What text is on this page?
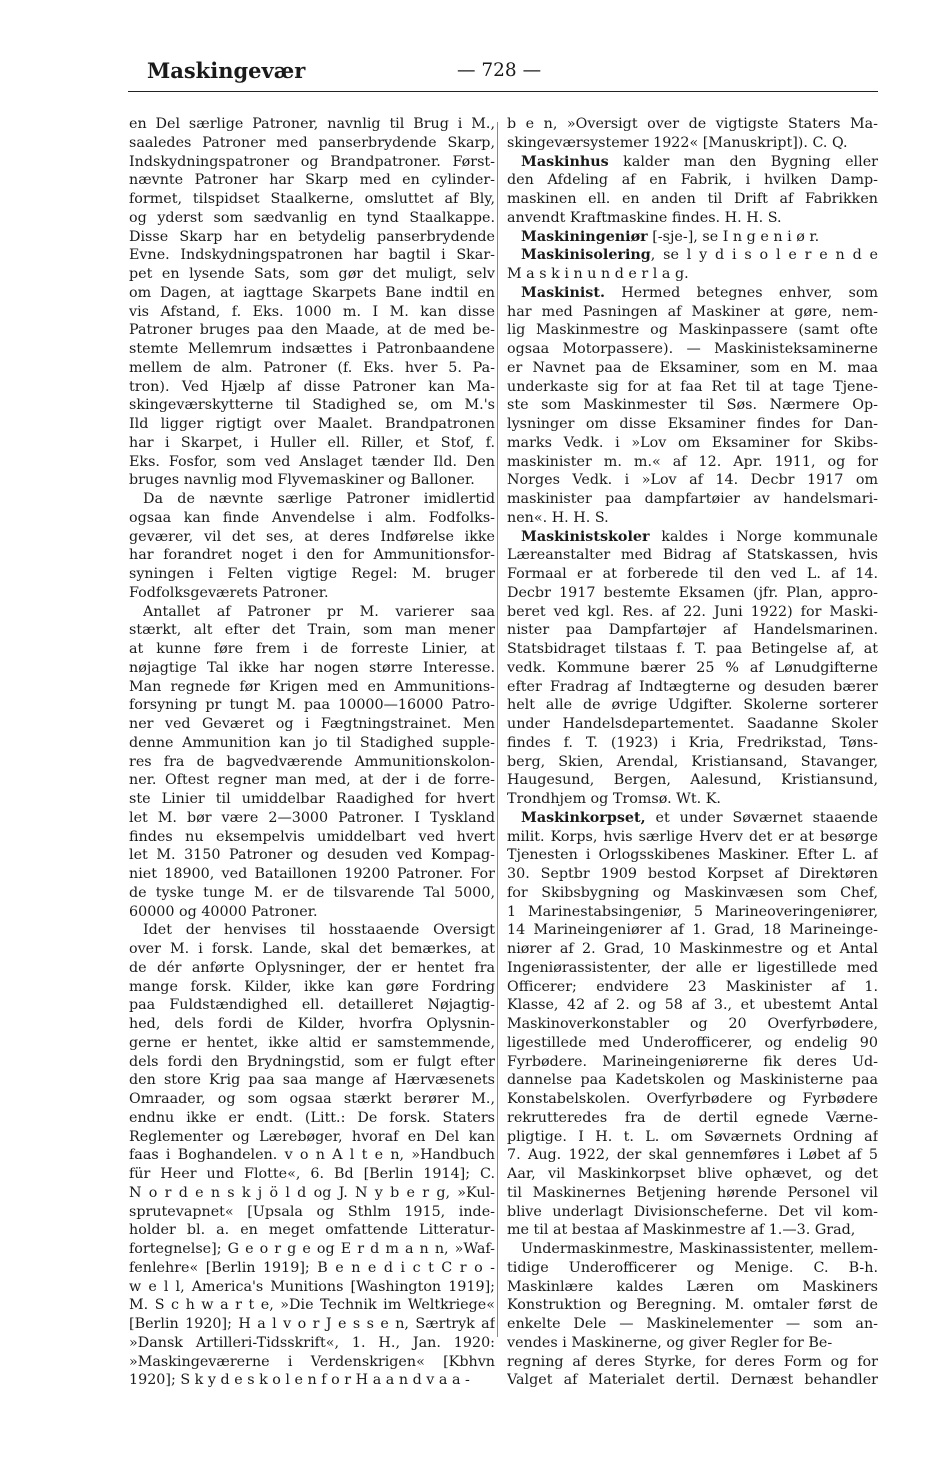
Maskingevær	— 728 —
en Del særlige Patroner, navnlig til Brug i M.,
saaledes Patroner med panserbrydende Skarp,
Indskydningspatroner og Brandpatroner. Først-
nævnte Patroner har Skarp med en cylinder-
formet, tilspidset Staalkerne, omsluttet af Bly,
og yderst som sædvanlig en tynd Staalkappe.
Disse Skarp har en betydelig panserbrydende
Evne. Indskydningspatronen har bagtil i Skar-
pet en lysende Sats, som gør det muligt, selv
om Dagen, at iagttage Skarpets Bane indtil en
vis Afstand, f. Eks. 1000 m. I M. kan disse
Patroner bruges paa den Maade, at de med be-
stemte Mellemrum indsættes i Patronbaandene
mellem de alm. Patroner (f. Eks. hver 5. Pa-
tron). Ved Hjælp af disse Patroner kan Ma-
skingeværskytterne til Stadighed se, om M.'s
Ild ligger rigtigt over Maalet. Brandpatronen
har i Skarpet, i Huller ell. Riller, et Stof, f.
Eks. Fosfor, som ved Anslaget tænder Ild. Den
bruges navnlig mod Flyvemaskiner og Balloner.
Da de nævnte særlige Patroner imidlertid
ogsaa kan finde Anvendelse i alm. Fodfolks-
geværer, vil det ses, at deres Indførelse ikke
har forandret noget i den for Ammunitionsfor-
syningen i Felten vigtige Regel: M. bruger
Fodfolksgeværets Patroner.
Antallet af Patroner pr M. varierer saa
stærkt, alt efter det Train, som man mener
at kunne føre frem i de forreste Linier, at
nøjagtige Tal ikke har nogen større Interesse.
Man regnede før Krigen med en Ammunitions-
forsyning pr tungt M. paa 10000—16000 Patro-
ner ved Geværet og i Fægtningstrainet. Men
denne Ammunition kan jo til Stadighed supple-
res fra de bagvedværende Ammunitionskolon-
ner. Oftest regner man med, at der i de forre-
ste Linier til umiddelbar Raadighed for hvert
let M. bør være 2—3000 Patroner. I Tyskland
findes nu eksempelvis umiddelbart ved hvert
let M. 3150 Patroner og desuden ved Kompag-
niet 18900, ved Bataillonen 19200 Patroner. For
de tyske tunge M. er de tilsvarende Tal 5000,
60000 og 40000 Patroner.
Idet der henvises til hosstaaende Oversigt
over M. i forsk. Lande, skal det bemærkes, at
de dér anførte Oplysninger, der er hentet fra
mange forsk. Kilder, ikke kan gøre Fordring
paa Fuldstændighed ell. detailleret Nøjagtig-
hed, dels fordi de Kilder, hvorfra Oplysnin-
gerne er hentet, ikke altid er samstemmende,
dels fordi den Brydningstid, som er fulgt efter
den store Krig paa saa mange af Hærvæsenets
Omraader, og som ogsaa stærkt berører M.,
endnu ikke er endt. (Litt.: De forsk. Staters
Reglementer og Lærebøger, hvoraf en Del kan
faas i Boghandelen. v o n A l t e n, »Handbuch
für Heer und Flotte«, 6. Bd [Berlin 1914]; C.
N o r d e n s k j ö l d og J. N y b e r g, »Kul-
sprutevapnet« [Upsala og Sthlm 1915, inde-
holder bl. a. en meget omfattende Litteratur-
fortegnelse]; G e o r g e og E r d m a n n, »Waf-
fenlehre« [Berlin 1919]; B e n e d i c t C r o -
w e l l, America's Munitions [Washington 1919];
M. S c h w a r t e, »Die Technik im Weltkriege«
[Berlin 1920]; H a l v o r J e s s e n, Særtryk af
»Dansk Artilleri-Tidsskrift«, 1. H., Jan. 1920:
»Maskingeværerne i Verdenskrigen« [Kbhvn
1920]; S k y d e s k o l e n f o r H a a n d v a a -
b e n, »Oversigt over de vigtigste Staters Ma-
skingeværsystemer 1922« [Manuskript]). C. Q.
Maskinhus kalder man den Bygning eller
den Afdeling af en Fabrik, i hvilken Damp-
maskinen ell. en anden til Drift af Fabrikken
anvendt Kraftmaskine findes. H. H. S.
Maskiningeniør [-sje-], se I n g e n i ø r.
Maskinisolering, se l y d i s o l e r e n d e
M a s k i n u n d e r l a g.
Maskinist. Hermed betegnes enhver, som
har med Pasningen af Maskiner at gøre, nem-
lig Maskinmestre og Maskinpassere (samt ofte
ogsaa Motorpassere). — Maskinisteksaminerne
er Navnet paa de Eksaminer, som en M. maa
underkaste sig for at faa Ret til at tage Tjene-
ste som Maskinmester til Søs. Nærmere Op-
lysninger om disse Eksaminer findes for Dan-
marks Vedk. i »Lov om Eksaminer for Skibs-
maskinister m. m.« af 12. Apr. 1911, og for
Norges Vedk. i »Lov af 14. Decbr 1917 om
maskinister paa dampfartøier av handelsmari-
nen«. H. H. S.
Maskinistskoler kaldes i Norge kommunale
Læreanstalter med Bidrag af Statskassen, hvis
Formaal er at forberede til den ved L. af 14.
Decbr 1917 bestemte Eksamen (jfr. Plan, appro-
beret ved kgl. Res. af 22. Juni 1922) for Maski-
nister paa Dampfartøjer af Handelsmarinen.
Statsbidraget tilstaas f. T. paa Betingelse af, at
vedk. Kommune bærer 25 % af Lønudgifterne
efter Fradrag af Indtægterne og desuden bærer
helt alle de øvrige Udgifter. Skolerne sorterer
under Handelsdepartementet. Saadanne Skoler
findes f. T. (1923) i Kria, Fredrikstad, Tøns-
berg, Skien, Arendal, Kristiansand, Stavanger,
Haugesund, Bergen, Aalesund, Kristiansund,
Trondhjem og Tromsø. Wt. K.
Maskinkorpset, et under Søværnet staaende
milit. Korps, hvis særlige Hverv det er at besørge
Tjenesten i Orlogsskibenes Maskiner. Efter L. af
30. Septbr 1909 bestod Korpset af Direktøren
for Skibsbygning og Maskinvæsen som Chef,
1 Marinestabsingeniør, 5 Marineoveringeniører,
14 Marineingeniører af 1. Grad, 18 Marineinge-
niører af 2. Grad, 10 Maskinmestre og et Antal
Ingeniørassistenter, der alle er ligestillede med
Officerer; endvidere 23 Maskinister af 1.
Klasse, 42 af 2. og 58 af 3., et ubestemt Antal
Maskinoverkonstabler og 20 Overfyrbødere,
ligestillede med Underofficerer, og endelig 90
Fyrbødere. Marineingeniørerne fik deres Ud-
dannelse paa Kadetskolen og Maskinisterne paa
Konstabelskolen. Overfyrbødere og Fyrbødere
rekrutteredes fra de dertil egnede Værne-
pligtige. I H. t. L. om Søværnets Ordning af
7. Aug. 1922, der skal gennemføres i Løbet af 5
Aar, vil Maskinkorpset blive ophævet, og det
til Maskinernes Betjening hørende Personel vil
blive underlagt Divisionscheferne. Det vil kom-
me til at bestaa af Maskinmestre af 1.—3. Grad,
Undermaskinmestre, Maskinassistenter, mellem-
tidige Underofficerer og Menige. C. B-h.
Maskinlære kaldes Læren om Maskiners
Konstruktion og Beregning. M. omtaler først de
enkelte Dele — Maskinelementer — som an-
vendes i Maskinerne, og giver Regler for Be-
regning af deres Styrke, for deres Form og for
Valget af Materialet dertil. Dernæst behandler
